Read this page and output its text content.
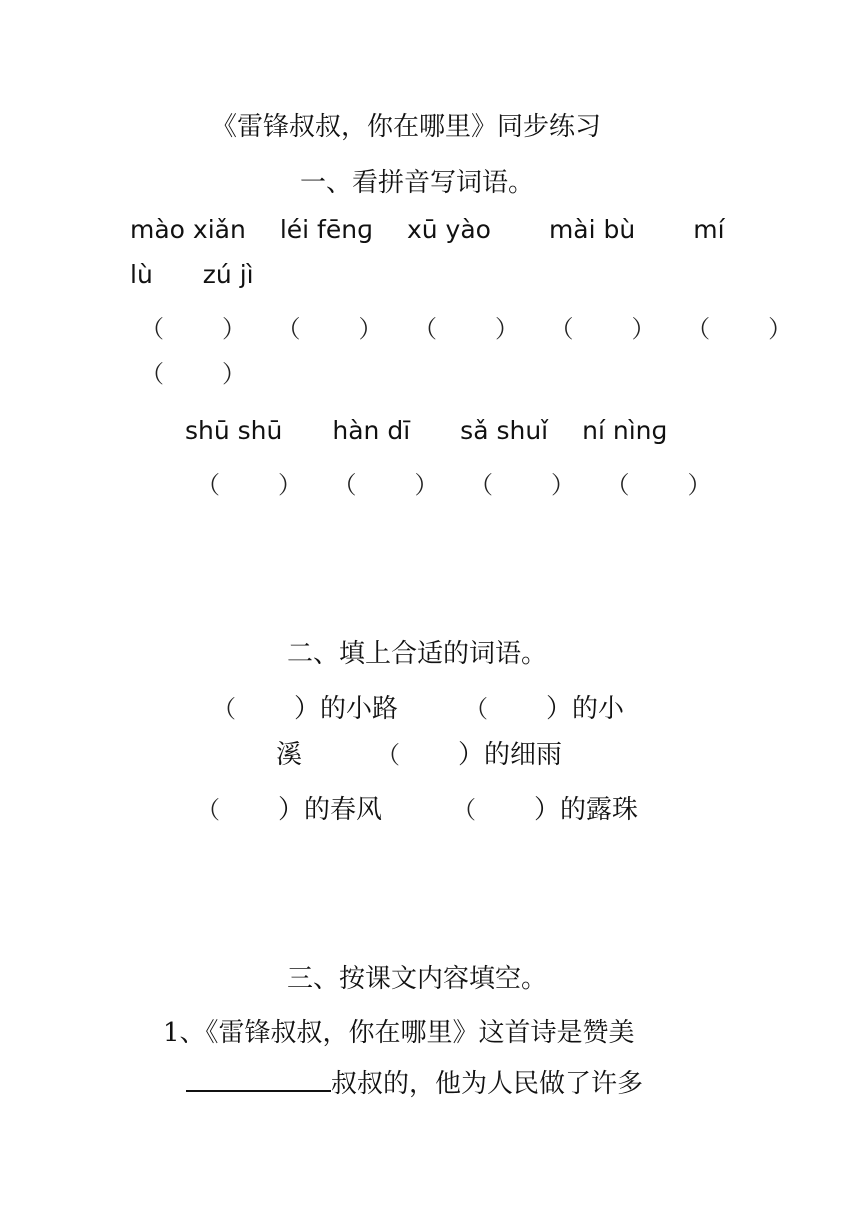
《雷锋叔叔，你在哪里》同步练习
一、看拼音写词语。
mào xiǎn léi fēnɡ xū yào mài bù mí
lù zú jì
（ ） （ ） （ ） （ ） （ ）
（ ）
shū shū hàn dī sǎ shuǐ ní nìnɡ
（ ） （ ） （ ） （ ）
二、填上合适的词语。
（ ）的小路	（ ）的小
溪	（ ）的细雨
（ ）的春风	（ ）的露珠
三、按课文内容填空。
1、《雷锋叔叔，你在哪里》这首诗是赞美
叔叔的，他为人民做了许多
